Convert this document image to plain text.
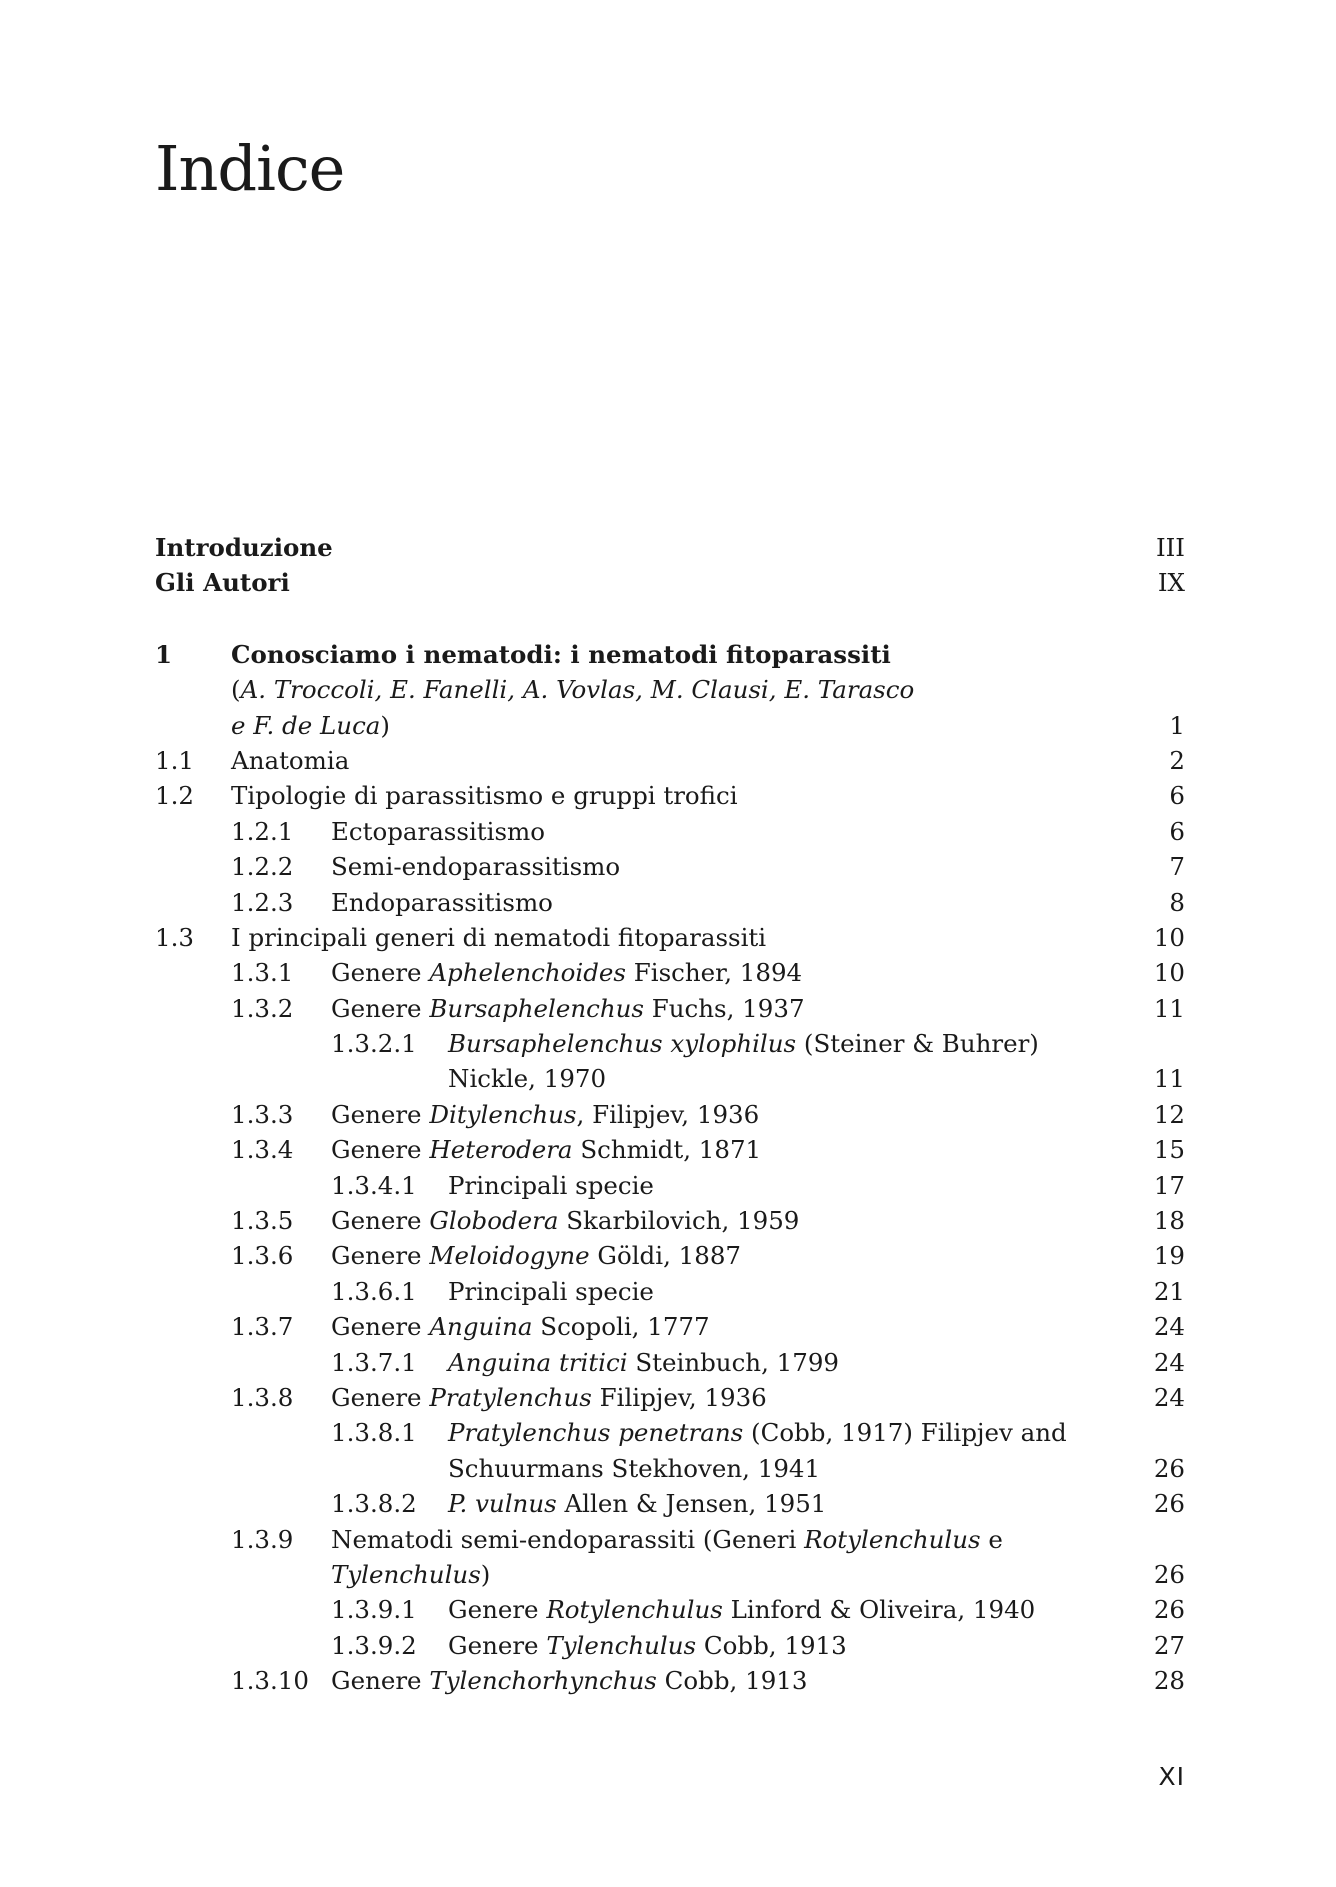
Indice
Introduzione	III
Gli Autori	IX
1 Conosciamo i nematodi: i nematodi fitoparassiti
(A. Troccoli, E. Fanelli, A. Vovlas, M. Clausi, E. Tarasco
e F. de Luca)	1
1.1 Anatomia	2
1.2 Tipologie di parassitismo e gruppi trofici	6
1.2.1 Ectoparassitismo	6
1.2.2 Semi-endoparassitismo	7
1.2.3 Endoparassitismo	8
1.3 I principali generi di nematodi fitoparassiti	10
1.3.1 Genere Aphelenchoides Fischer, 1894	10
1.3.2 Genere Bursaphelenchus Fuchs, 1937	11
1.3.2.1 Bursaphelenchus xylophilus (Steiner & Buhrer)
Nickle, 1970	11
1.3.3 Genere Ditylenchus, Filipjev, 1936	12
1.3.4 Genere Heterodera Schmidt, 1871	15
1.3.4.1 Principali specie	17
1.3.5 Genere Globodera Skarbilovich, 1959	18
1.3.6 Genere Meloidogyne Göldi, 1887	19
1.3.6.1 Principali specie	21
1.3.7 Genere Anguina Scopoli, 1777	24
1.3.7.1 Anguina tritici Steinbuch, 1799	24
1.3.8 Genere Pratylenchus Filipjev, 1936	24
1.3.8.1 Pratylenchus penetrans (Cobb, 1917) Filipjev and
Schuurmans Stekhoven, 1941	26
1.3.8.2 P. vulnus Allen & Jensen, 1951	26
1.3.9 Nematodi semi-endoparassiti (Generi Rotylenchulus e
Tylenchulus)	26
1.3.9.1 Genere Rotylenchulus Linford & Oliveira, 1940	26
1.3.9.2 Genere Tylenchulus Cobb, 1913	27
1.3.10 Genere Tylenchorhynchus Cobb, 1913	28
XI
